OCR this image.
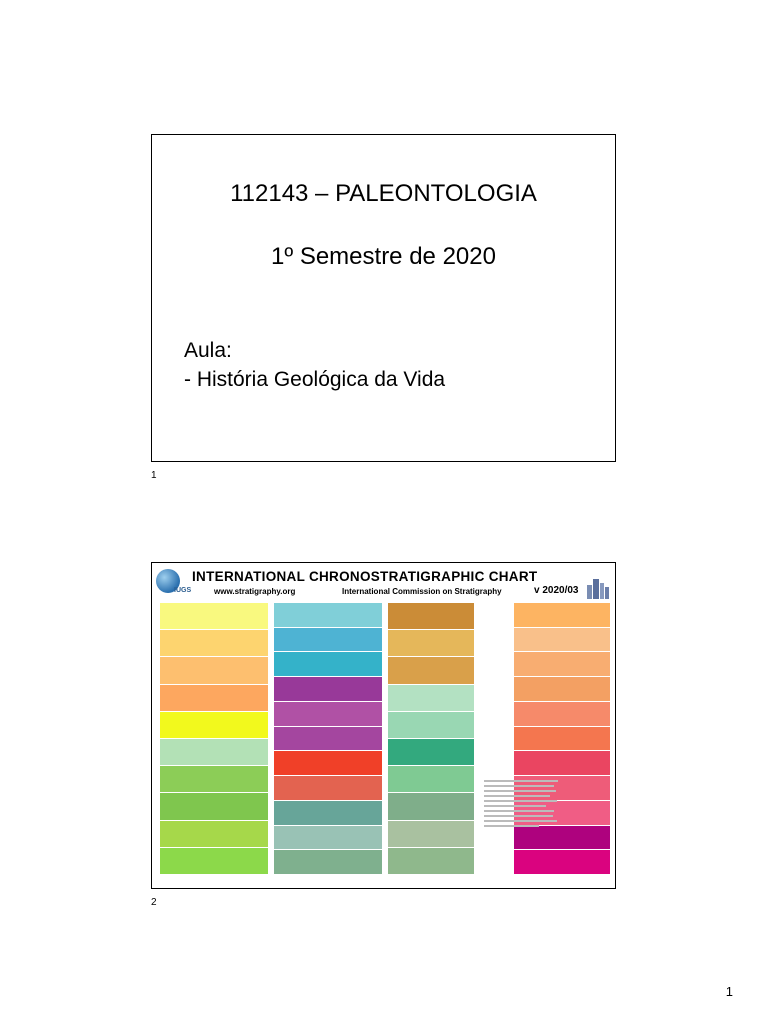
112143 – PALEONTOLOGIA
1º Semestre de 2020
Aula:
- História Geológica da Vida
1
IUGS
INTERNATIONAL CHRONOSTRATIGRAPHIC CHART
www.stratigraphy.org	International Commission on Stratigraphy	v 2020/03
2
1
